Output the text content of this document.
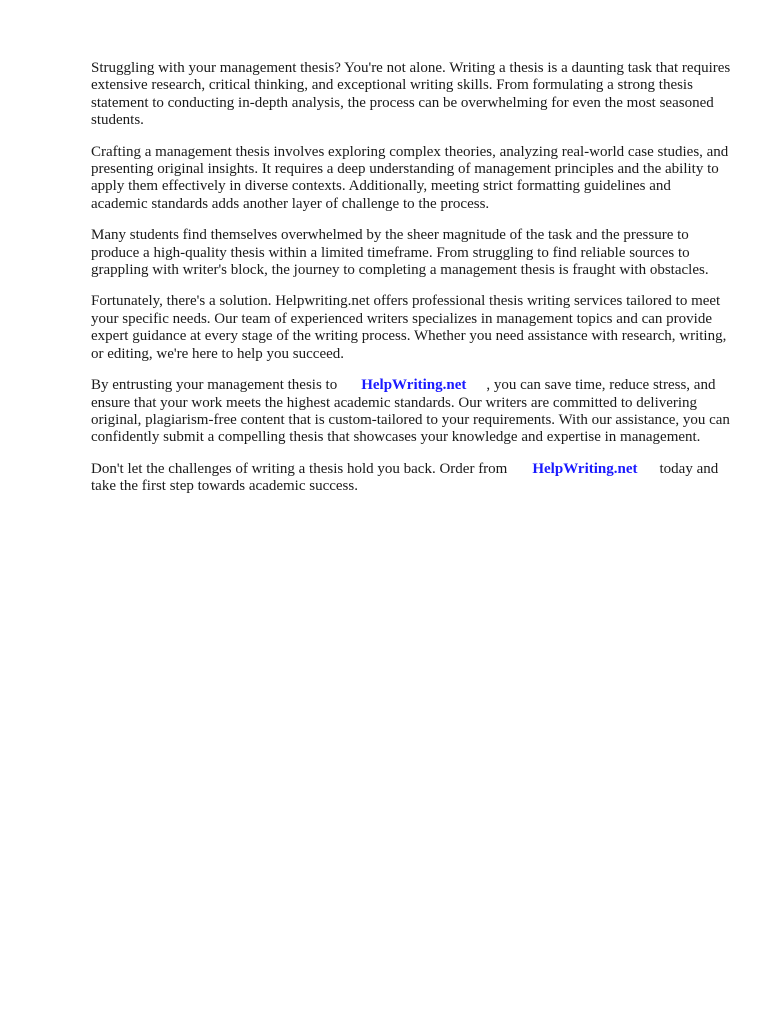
Struggling with your management thesis? You're not alone. Writing a thesis is a daunting task that requires extensive research, critical thinking, and exceptional writing skills. From formulating a strong thesis statement to conducting in-depth analysis, the process can be overwhelming for even the most seasoned students.

Crafting a management thesis involves exploring complex theories, analyzing real-world case studies, and presenting original insights. It requires a deep understanding of management principles and the ability to apply them effectively in diverse contexts. Additionally, meeting strict formatting guidelines and academic standards adds another layer of challenge to the process.

Many students find themselves overwhelmed by the sheer magnitude of the task and the pressure to produce a high-quality thesis within a limited timeframe. From struggling to find reliable sources to grappling with writer's block, the journey to completing a management thesis is fraught with obstacles.

Fortunately, there's a solution. Helpwriting.net offers professional thesis writing services tailored to meet your specific needs. Our team of experienced writers specializes in management topics and can provide expert guidance at every stage of the writing process. Whether you need assistance with research, writing, or editing, we're here to help you succeed.

By entrusting your management thesis to HelpWriting.net , you can save time, reduce stress, and ensure that your work meets the highest academic standards. Our writers are committed to delivering original, plagiarism-free content that is custom-tailored to your requirements. With our assistance, you can confidently submit a compelling thesis that showcases your knowledge and expertise in management.

Don't let the challenges of writing a thesis hold you back. Order from HelpWriting.net today and take the first step towards academic success.
